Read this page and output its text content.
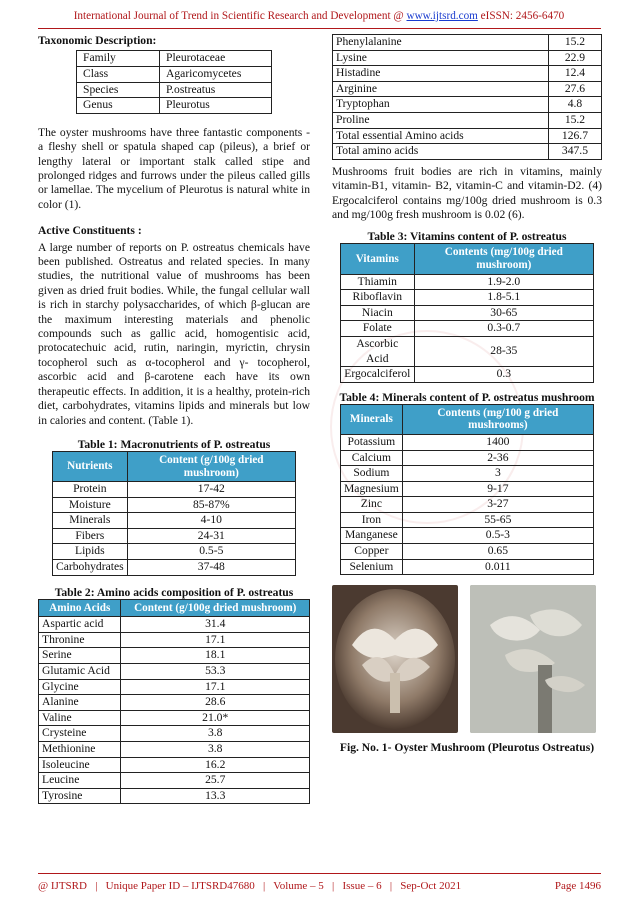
International Journal of Trend in Scientific Research and Development @ www.ijtsrd.com eISSN: 2456-6470
Taxonomic Description:
Family	Pleurotaceae
Class	Agaricomycetes
Species	P.ostreatus
Genus	Pleurotus

The oyster mushrooms have three fantastic components - a fleshy shell or spatula shaped cap (pileus), a brief or lengthy lateral or important stalk called stipe and prolonged ridges and furrows under the pileus called gills or lamellae. The mycelium of Pleurotus is natural white in color (1).

Active Constituents :

A large number of reports on P. ostreatus chemicals have been published. Ostreatus and related species. In many studies, the nutritional value of mushrooms has been given as dried fruit bodies. While, the fungal cellular wall is rich in starchy polysaccharides, of which β-glucan are the maximum interesting materials and phenolic compounds such as gallic acid, homogentisic acid, protocatechuic acid, rutin, naringin, myrictin, chrysin tocopherol such as α-tocopherol and γ- tocopherol, ascorbic acid and β-carotene each have its own therapeutic effects. In addition, it is a healthy, protein-rich diet, carbohydrates, vitamins lipids and minerals but low in calories and content. (Table 1).

Table 1: Macronutrients of P. ostreatus
Nutrients	Content (g/100g dried mushroom)
Protein	17-42
Moisture	85-87%
Minerals	4-10
Fibers	24-31
Lipids	0.5-5
Carbohydrates	37-48
Table 2: Amino acids composition of P. ostreatus
Amino Acids	Content (g/100g dried mushroom)
Aspartic acid	31.4
Thronine	17.1
Serine	18.1
Glutamic Acid	53.3
Glycine	17.1
Alanine	28.6
Valine	21.0*
Crysteine	3.8
Methionine	3.8
Isoleucine	16.2
Leucine	25.7
Tyrosine	13.3
Phenylalanine	15.2
Lysine	22.9
Histadine	12.4
Arginine	27.6
Tryptophan	4.8
Proline	15.2
Total essential Amino acids	126.7
Total amino acids	347.5

Mushrooms fruit bodies are rich in vitamins, mainly vitamin-B1, vitamin- B2, vitamin-C and vitamin-D2. (4) Ergocalciferol contains mg/100g dried mushroom is 0.3 and mg/100g fresh mushroom is 0.02 (6).

Table 3: Vitamins content of P. ostreatus
Vitamins	Contents (mg/100g dried mushroom)
Thiamin	1.9-2.0
Riboflavin	1.8-5.1
Niacin	30-65
Folate	0.3-0.7
Ascorbic Acid	28-35
Ergocalciferol	0.3
Table 4: Minerals content of P. ostreatus mushroom
Minerals	Contents (mg/100 g dried mushrooms)
Potassium	1400
Calcium	2-36
Sodium	3
Magnesium	9-17
Zinc	3-27
Iron	55-65
Manganese	0.5-3
Copper	0.65
Selenium	0.011
Fig. No. 1- Oyster Mushroom (Pleurotus Ostreatus)
@ IJTSRD   |   Unique Paper ID – IJTSRD47680   |   Volume – 5   |   Issue – 6   |   Sep-Oct 2021	Page 1496
